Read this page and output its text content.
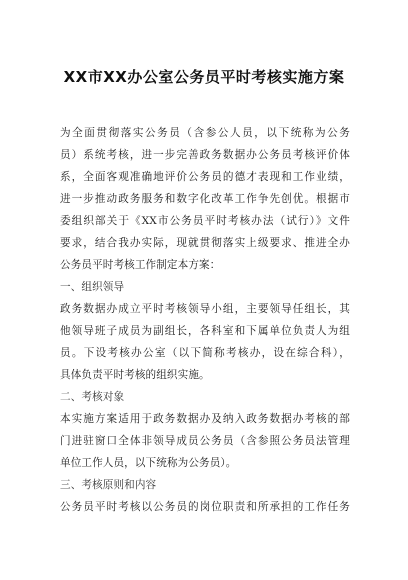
XX市XX办公室公务员平时考核实施方案
为全面贯彻落实公务员（含参公人员，以下统称为公务
员）系统考核，进一步完善政务数据办公务员考核评价体
系，全面客观准确地评价公务员的德才表现和工作业绩，
进一步推动政务服务和数字化改革工作争先创优。根据市
委组织部关于《XX市公务员平时考核办法（试行）》文件
要求，结合我办实际，现就贯彻落实上级要求、推进全办
公务员平时考核工作制定本方案：
一、组织领导
政务数据办成立平时考核领导小组，主要领导任组长，其
他领导班子成员为副组长，各科室和下属单位负责人为组
员。下设考核办公室（以下简称考核办，设在综合科），
具体负责平时考核的组织实施。
二、考核对象
本实施方案适用于政务数据办及纳入政务数据办考核的部
门进驻窗口全体非领导成员公务员（含参照公务员法管理
单位工作人员，以下统称为公务员）。
三、考核原则和内容
公务员平时考核以公务员的岗位职责和所承担的工作任务
